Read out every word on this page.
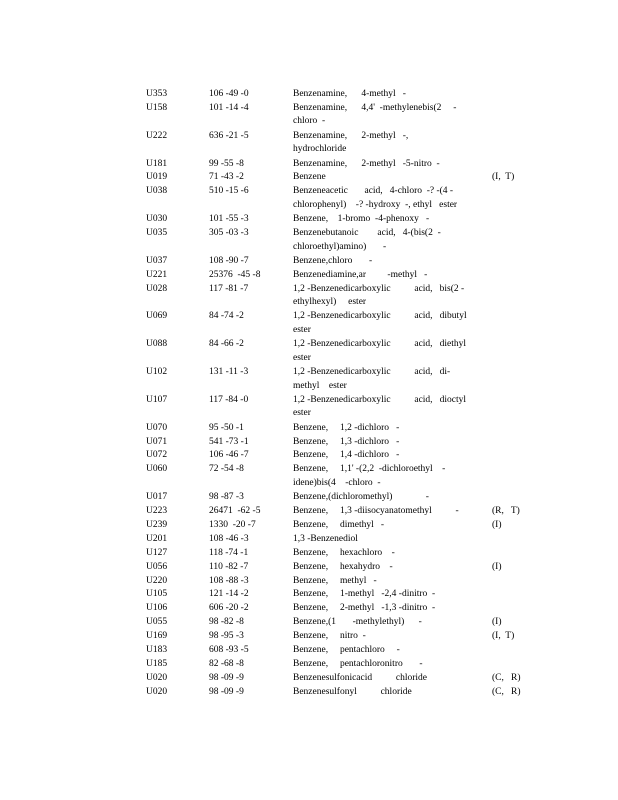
U353	106 -49 -0	Benzenamine,      4-methyl   -
U158	101 -14 -4	Benzenamine,      4,4'  -methylenebis(2     -
chloro  -
U222	636 -21 -5	Benzenamine,      2-methyl   -,
hydrochloride
U181	99 -55 -8	Benzenamine,      2-methyl   -5-nitro  -
U019	71 -43 -2	Benzene	(I,  T)
U038	510 -15 -6	Benzeneacetic       acid,   4-chloro  -? -(4 -
chlorophenyl)    -? -hydroxy  -, ethyl   ester
U030	101 -55 -3	Benzene,    1-bromo  -4-phenoxy   -
U035	305 -03 -3	Benzenebutanoic        acid,   4-(bis(2  -
chloroethyl)amino)       -
U037	108 -90 -7	Benzene,chloro       -
U221	25376  -45 -8	Benzenediamine,ar         -methyl   -
U028	117 -81 -7	1,2 -Benzenedicarboxylic          acid,   bis(2 -
ethylhexyl)     ester
U069	84 -74 -2	1,2 -Benzenedicarboxylic          acid,   dibutyl
ester
U088	84 -66 -2	1,2 -Benzenedicarboxylic          acid,   diethyl
ester
U102	131 -11 -3	1,2 -Benzenedicarboxylic          acid,   di-
methyl    ester
U107	117 -84 -0	1,2 -Benzenedicarboxylic          acid,   dioctyl
ester
U070	95 -50 -1	Benzene,     1,2 -dichloro   -
U071	541 -73 -1	Benzene,     1,3 -dichloro   -
U072	106 -46 -7	Benzene,     1,4 -dichloro   -
U060	72 -54 -8	Benzene,     1,1' -(2,2  -dichloroethyl    -
idene)bis(4    -chloro  -
U017	98 -87 -3	Benzene,(dichloromethyl)              -
U223	26471  -62 -5	Benzene,     1,3 -diisocyanatomethyl          -	(R,   T)
U239	1330  -20 -7	Benzene,     dimethyl   -	(I)
U201	108 -46 -3	1,3 -Benzenediol
U127	118 -74 -1	Benzene,     hexachloro    -
U056	110 -82 -7	Benzene,     hexahydro    -	(I)
U220	108 -88 -3	Benzene,     methyl   -
U105	121 -14 -2	Benzene,     1-methyl   -2,4 -dinitro  -
U106	606 -20 -2	Benzene,     2-methyl   -1,3 -dinitro  -
U055	98 -82 -8	Benzene,(1       -methylethyl)      -	(I)
U169	98 -95 -3	Benzene,     nitro  -	(I,  T)
U183	608 -93 -5	Benzene,     pentachloro     -
U185	82 -68 -8	Benzene,     pentachloronitro       -
U020	98 -09 -9	Benzenesulfonicacid          chloride	(C,   R)
U020	98 -09 -9	Benzenesulfonyl          chloride	(C,   R)
